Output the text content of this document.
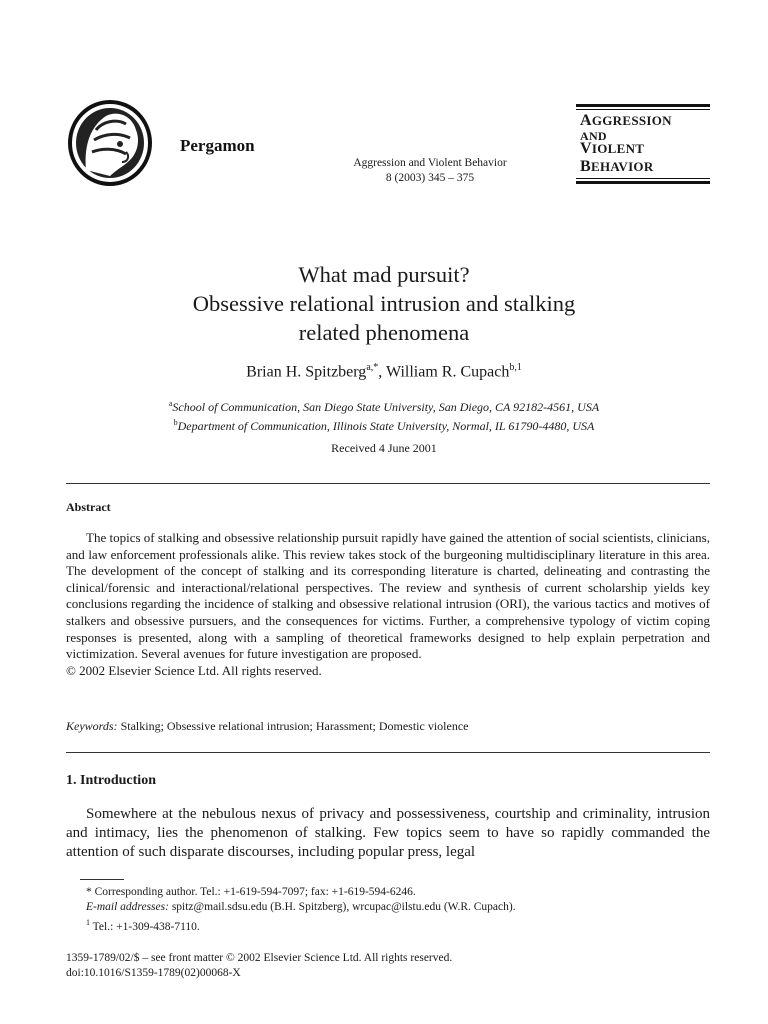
Pergamon
Aggression and Violent Behavior
8 (2003) 345 – 375
AGGRESSION
AND
VIOLENT
BEHAVIOR
What mad pursuit?
Obsessive relational intrusion and stalking
related phenomena
Brian H. Spitzberg$^{a,*}$, William R. Cupach$^{b,1}$
$^a$School of Communication, San Diego State University, San Diego, CA 92182-4561, USA
$^b$Department of Communication, Illinois State University, Normal, IL 61790-4480, USA
Received 4 June 2001
Abstract
The topics of stalking and obsessive relationship pursuit rapidly have gained the attention of social scientists, clinicians, and law enforcement professionals alike. This review takes stock of the burgeoning multidisciplinary literature in this area. The development of the concept of stalking and its corresponding literature is charted, delineating and contrasting the clinical/forensic and interactional/relational perspectives. The review and synthesis of current scholarship yields key conclusions regarding the incidence of stalking and obsessive relational intrusion (ORI), the various tactics and motives of stalkers and obsessive pursuers, and the consequences for victims. Further, a comprehensive typology of victim coping responses is presented, along with a sampling of theoretical frameworks designed to help explain perpetration and victimization. Several avenues for future investigation are proposed.
© 2002 Elsevier Science Ltd. All rights reserved.
Keywords: Stalking; Obsessive relational intrusion; Harassment; Domestic violence
1. Introduction
Somewhere at the nebulous nexus of privacy and possessiveness, courtship and criminality, intrusion and intimacy, lies the phenomenon of stalking. Few topics seem to have so rapidly commanded the attention of such disparate discourses, including popular press, legal
* Corresponding author. Tel.: +1-619-594-7097; fax: +1-619-594-6246.
E-mail addresses: spitz@mail.sdsu.edu (B.H. Spitzberg), wrcupac@ilstu.edu (W.R. Cupach).
$^1$ Tel.: +1-309-438-7110.
1359-1789/02/$ – see front matter © 2002 Elsevier Science Ltd. All rights reserved.
doi:10.1016/S1359-1789(02)00068-X
